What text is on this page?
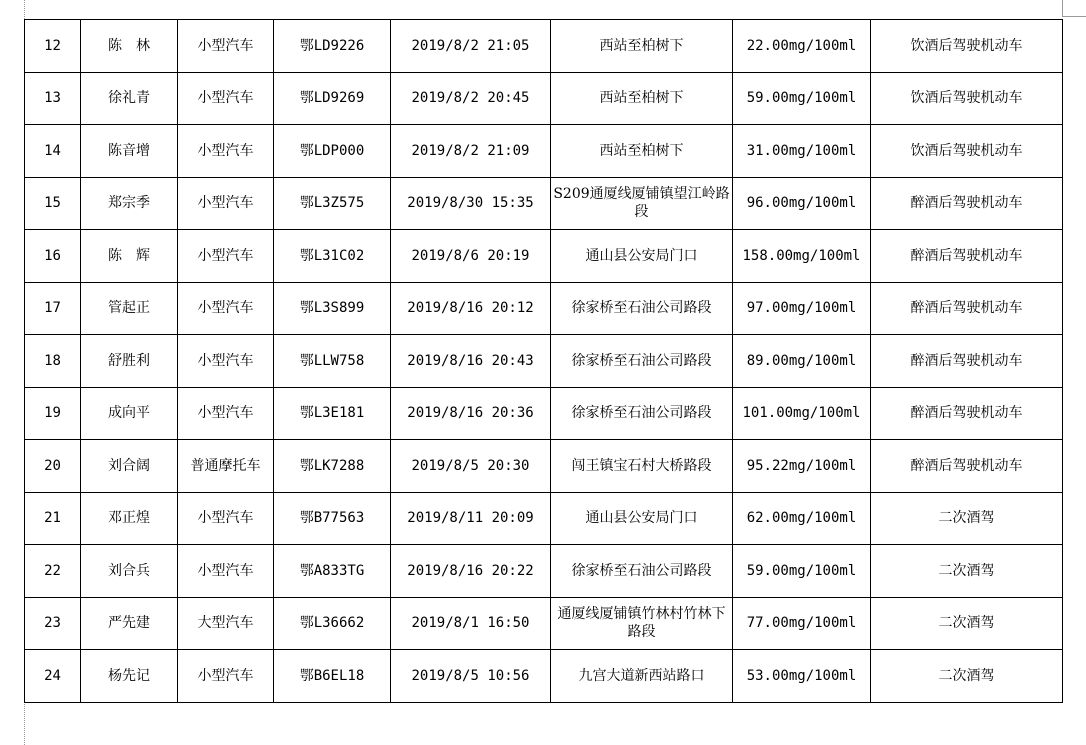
12	陈　林	小型汽车	鄂LD9226	2019/8/2 21:05	西站至柏树下	22.00mg/100ml	饮酒后驾驶机动车
13	徐礼青	小型汽车	鄂LD9269	2019/8/2 20:45	西站至柏树下	59.00mg/100ml	饮酒后驾驶机动车
14	陈音增	小型汽车	鄂LDP000	2019/8/2 21:09	西站至柏树下	31.00mg/100ml	饮酒后驾驶机动车
15	郑宗季	小型汽车	鄂L3Z575	2019/8/30 15:35	S209通厦线厦铺镇望江岭路段	96.00mg/100ml	醉酒后驾驶机动车
16	陈　辉	小型汽车	鄂L31C02	2019/8/6 20:19	通山县公安局门口	158.00mg/100ml	醉酒后驾驶机动车
17	管起正	小型汽车	鄂L3S899	2019/8/16 20:12	徐家桥至石油公司路段	97.00mg/100ml	醉酒后驾驶机动车
18	舒胜利	小型汽车	鄂LLW758	2019/8/16 20:43	徐家桥至石油公司路段	89.00mg/100ml	醉酒后驾驶机动车
19	成向平	小型汽车	鄂L3E181	2019/8/16 20:36	徐家桥至石油公司路段	101.00mg/100ml	醉酒后驾驶机动车
20	刘合阔	普通摩托车	鄂LK7288	2019/8/5 20:30	闯王镇宝石村大桥路段	95.22mg/100ml	醉酒后驾驶机动车
21	邓正煌	小型汽车	鄂B77563	2019/8/11 20:09	通山县公安局门口	62.00mg/100ml	二次酒驾
22	刘合兵	小型汽车	鄂A833TG	2019/8/16 20:22	徐家桥至石油公司路段	59.00mg/100ml	二次酒驾
23	严先建	大型汽车	鄂L36662	2019/8/1 16:50	通厦线厦铺镇竹林村竹林下路段	77.00mg/100ml	二次酒驾
24	杨先记	小型汽车	鄂B6EL18	2019/8/5 10:56	九宫大道新西站路口	53.00mg/100ml	二次酒驾
